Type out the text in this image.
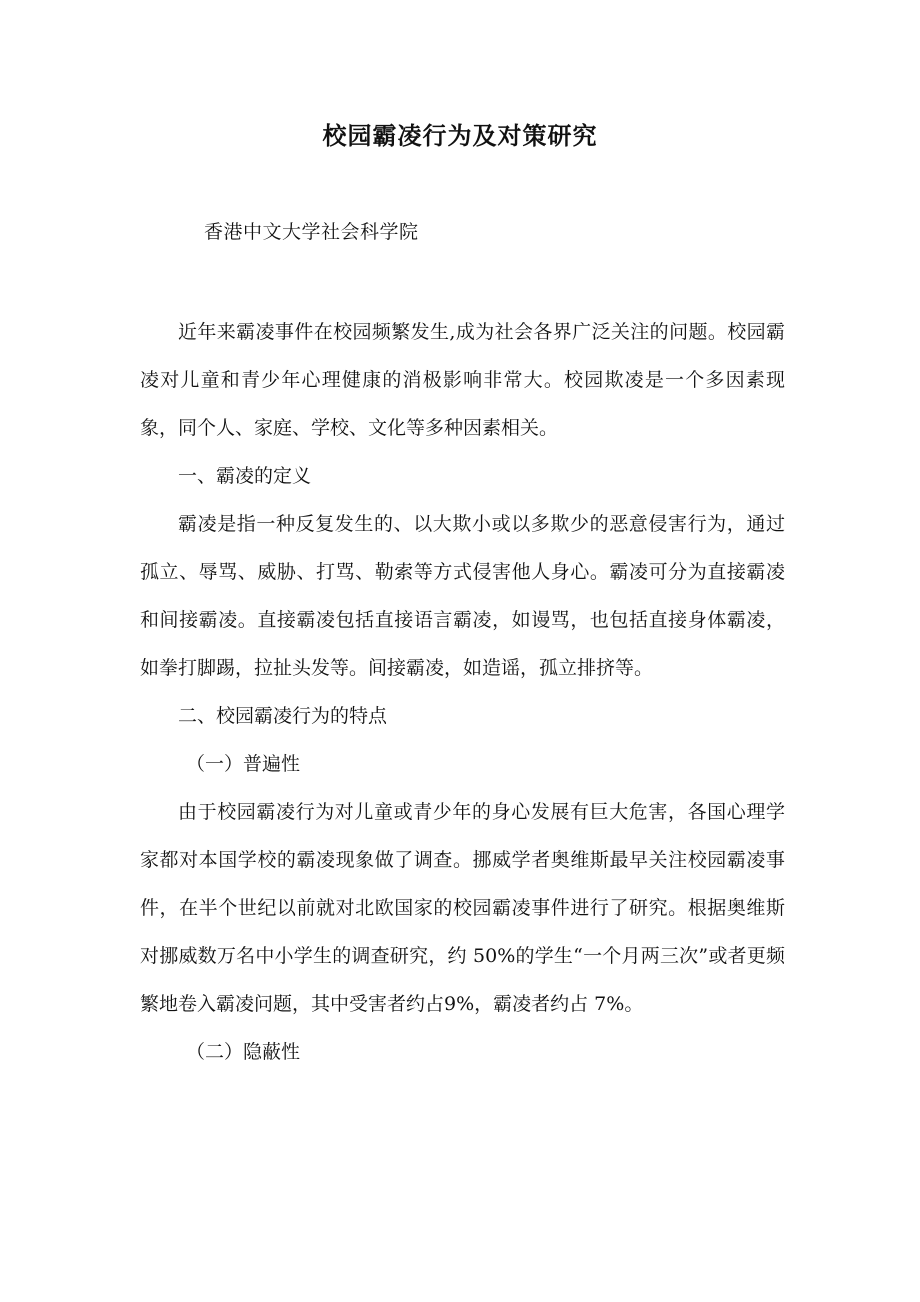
校园霸凌行为及对策研究
香港中文大学社会科学院

近年来霸凌事件在校园频繁发生,成为社会各界广泛关注的问题。校园霸凌对儿童和青少年心理健康的消极影响非常大。校园欺凌是一个多因素现象，同个人、家庭、学校、文化等多种因素相关。

一、霸凌的定义

霸凌是指一种反复发生的、以大欺小或以多欺少的恶意侵害行为，通过孤立、辱骂、威胁、打骂、勒索等方式侵害他人身心。霸凌可分为直接霸凌和间接霸凌。直接霸凌包括直接语言霸凌，如谩骂，也包括直接身体霸凌，如拳打脚踢，拉扯头发等。间接霸凌，如造谣，孤立排挤等。

二、校园霸凌行为的特点

（一）普遍性

由于校园霸凌行为对儿童或青少年的身心发展有巨大危害，各国心理学家都对本国学校的霸凌现象做了调查。挪威学者奥维斯最早关注校园霸凌事件，在半个世纪以前就对北欧国家的校园霸凌事件进行了研究。根据奥维斯对挪威数万名中小学生的调查研究，约 50%的学生“一个月两三次”或者更频繁地卷入霸凌问题，其中受害者约占9%，霸凌者约占 7%。

（二）隐蔽性
